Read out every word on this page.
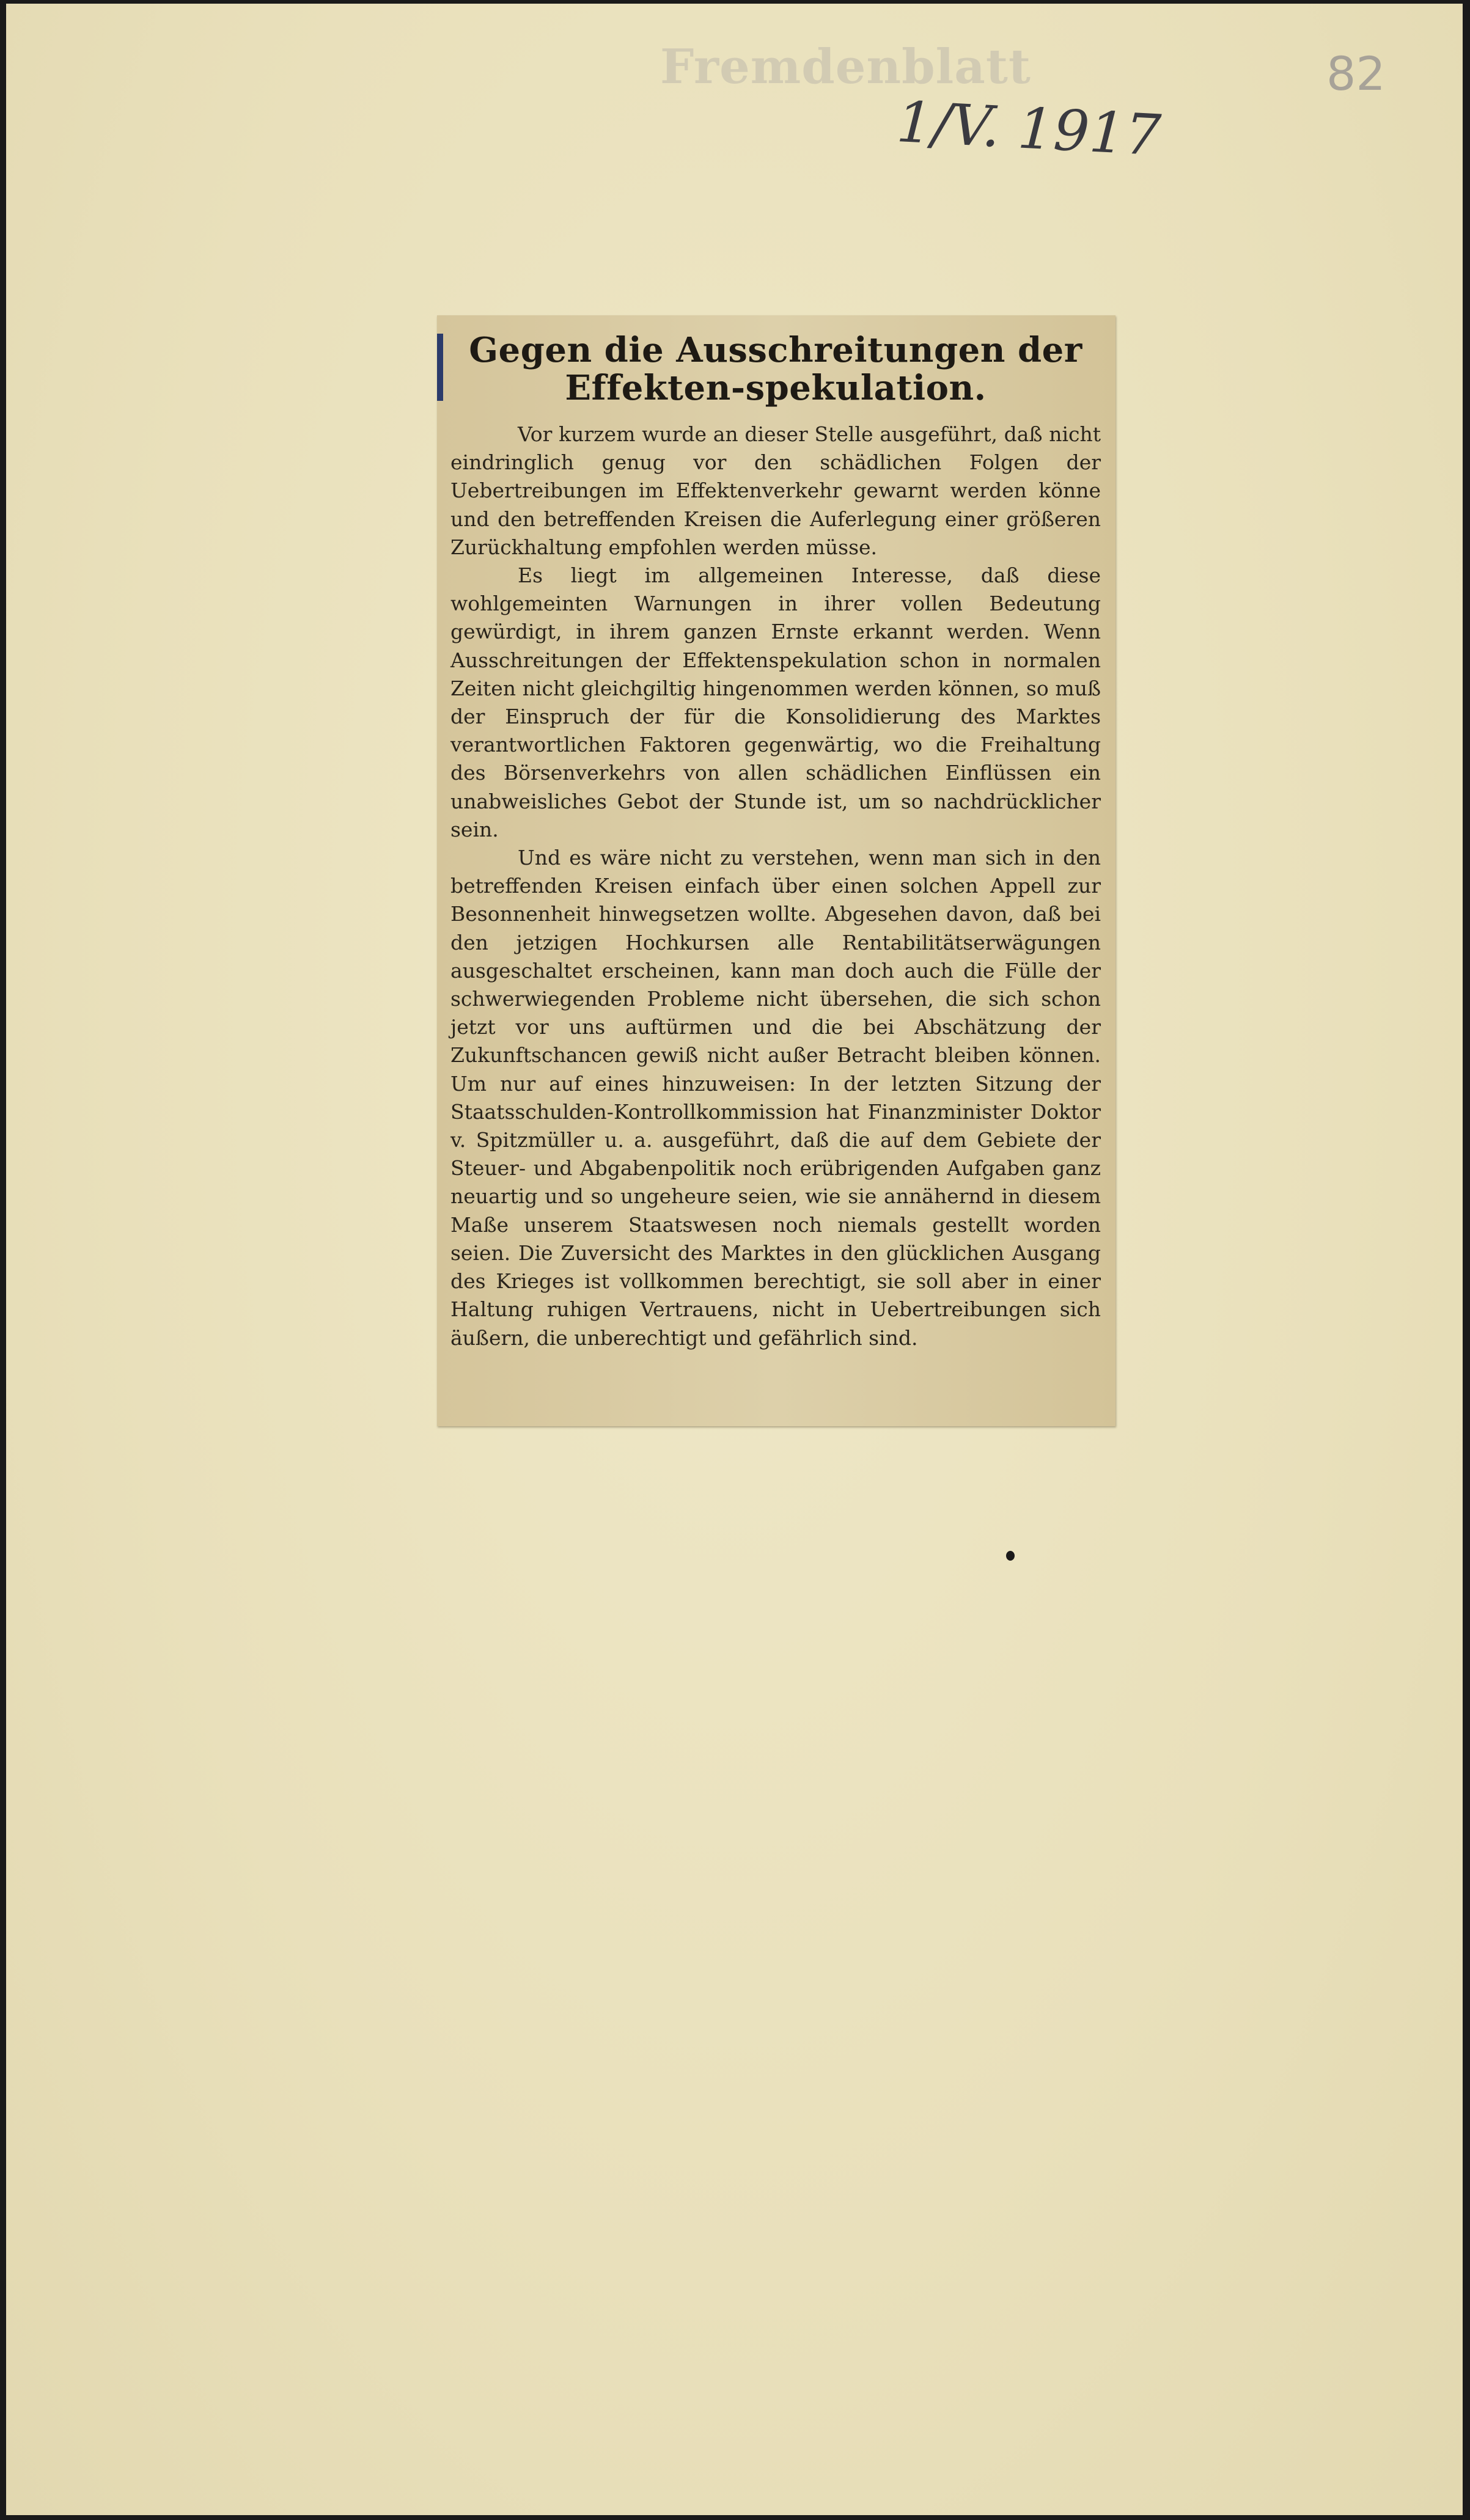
Fremdenblatt	82
1/V. 1917
Gegen die Ausschreitungen der Effekten-spekulation.

Vor kurzem wurde an dieser Stelle ausgeführt, daß nicht eindringlich genug vor den schädlichen Folgen der Uebertreibungen im Effektenverkehr gewarnt werden könne und den betreffenden Kreisen die Auferlegung einer größeren Zurückhaltung empfohlen werden müsse.

Es liegt im allgemeinen Interesse, daß diese wohlgemeinten Warnungen in ihrer vollen Bedeutung gewürdigt, in ihrem ganzen Ernste erkannt werden. Wenn Ausschreitungen der Effektenspekulation schon in normalen Zeiten nicht gleichgiltig hingenommen werden können, so muß der Einspruch der für die Konsolidierung des Marktes verantwortlichen Faktoren gegenwärtig, wo die Freihaltung des Börsenverkehrs von allen schädlichen Einflüssen ein unabweisliches Gebot der Stunde ist, um so nachdrücklicher sein.

Und es wäre nicht zu verstehen, wenn man sich in den betreffenden Kreisen einfach über einen solchen Appell zur Besonnenheit hinwegsetzen wollte. Abgesehen davon, daß bei den jetzigen Hochkursen alle Rentabilitätserwägungen ausgeschaltet erscheinen, kann man doch auch die Fülle der schwerwiegenden Probleme nicht übersehen, die sich schon jetzt vor uns auftürmen und die bei Abschätzung der Zukunftschancen gewiß nicht außer Betracht bleiben können. Um nur auf eines hinzuweisen: In der letzten Sitzung der Staatsschulden-Kontrollkommission hat Finanzminister Doktor v. Spitzmüller u. a. ausgeführt, daß die auf dem Gebiete der Steuer- und Abgabenpolitik noch erübrigenden Aufgaben ganz neuartig und so ungeheure seien, wie sie annähernd in diesem Maße unserem Staatswesen noch niemals gestellt worden seien. Die Zuversicht des Marktes in den glücklichen Ausgang des Krieges ist vollkommen berechtigt, sie soll aber in einer Haltung ruhigen Vertrauens, nicht in Uebertreibungen sich äußern, die unberechtigt und gefährlich sind.
